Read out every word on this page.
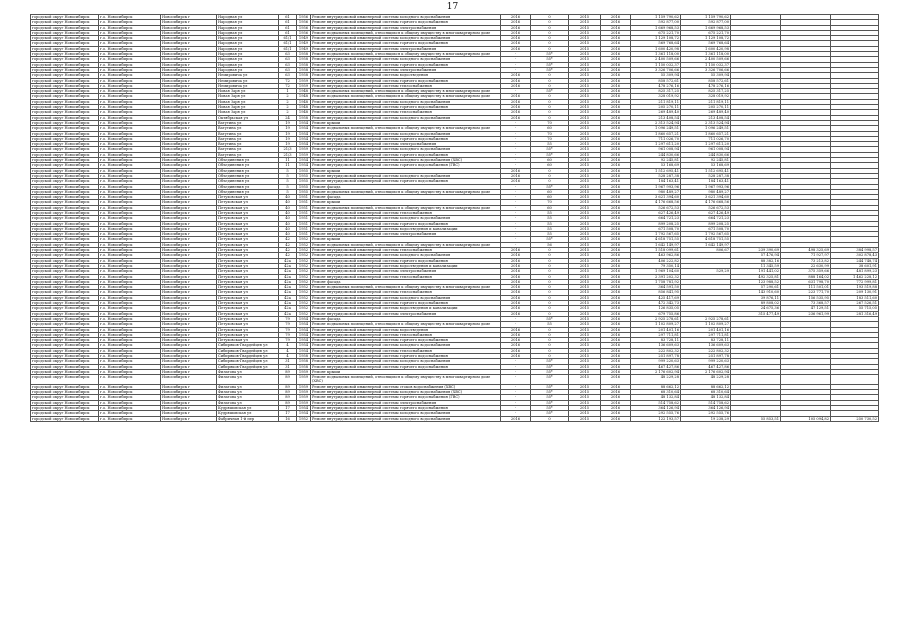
17
городской округ Новосибирск	г.о. Новосибирск	Новосибирск г	Народная ул	61	1956	Ремонт внутридомовой инженерной системы холодного водоснабжения	2016	0	2015	2016	1 159 790,62	1 159 790,62			
городской округ Новосибирск	г.о. Новосибирск	Новосибирск г	Народная ул	61	1956	Ремонт внутридомовой инженерной системы горячего водоснабжения	2016	0	2015	2016	592 877,00	592 877,00			
городской округ Новосибирск	г.о. Новосибирск	Новосибирск г	Народная ул	61	1956	Ремонт внутридомовой инженерной системы электроснабжения	2016	0	2015	2016	1 669 968,53	1 669 968,53			
городской округ Новосибирск	г.о. Новосибирск	Новосибирск г	Народная ул	61	1956	Ремонт подвальных помещений, относящихся к общему имуществу в многоквартирном доме	2016	0	2015	2016	675 221,70	675 221,70			
городской округ Новосибирск	г.о. Новосибирск	Новосибирск г	Народная ул	61/1	1949	Ремонт внутридомовой инженерной системы холодного водоснабжения	2016	0	2015	2016	1 129 108,72	1 129 108,72			
городской округ Новосибирск	г.о. Новосибирск	Новосибирск г	Народная ул	61/1	1949	Ремонт внутридомовой инженерной системы горячего водоснабжения	2016	0	2015	2016	569 768,64	569 768,64			
городской округ Новосибирск	г.о. Новосибирск	Новосибирск г	Народная ул	61/1	1949	Ремонт внутридомовой инженерной системы электроснабжения	2016	0	2015	2016	1 600 420,98	1 600 420,98			
городской округ Новосибирск	г.о. Новосибирск	Новосибирск г	Народная ул	63	1958	Ремонт подвальных помещений, относящихся к общему имуществу в многоквартирном доме	-	55*	2015	2016	1 361 118,00	1 361 118,00			
городской округ Новосибирск	г.о. Новосибирск	Новосибирск г	Народная ул	63	1958	Ремонт внутридомовой инженерной системы холодного водоснабжения	-	55*	2015	2016	2 400 509,66	2 400 509,66			
городской округ Новосибирск	г.о. Новосибирск	Новосибирск г	Народная ул	63	1958	Ремонт внутридомовой инженерной системы горячего водоснабжения	-	55*	2015	2016	1 150 032,37	1 150 032,37			
городской округ Новосибирск	г.о. Новосибирск	Новосибирск г	Народная ул	63	1958	Ремонт внутридомовой инженерной системы электроснабжения	-	55*	2015	2016	3 326 706,66	3 326 706,66			
городской округ Новосибирск	г.о. Новосибирск	Новосибирск г	Немировича ул	63	1958	Ремонт внутридомовой инженерной системы водоотведения	2016	0	2015	2016	55 309,94	55 309,94			
городской округ Новосибирск	г.о. Новосибирск	Новосибирск г	Немировича ул	72	1959	Ремонт внутридомовой инженерной системы горячего водоснабжения	2016	0	2015	2016	858 572,61	858 572,61			
городской округ Новосибирск	г.о. Новосибирск	Новосибирск г	Немировича ул	72	1959	Ремонт внутридомовой инженерной системы теплоснабжения	2016	0	2015	2016	478 276,16	478 276,16			
городской округ Новосибирск	г.о. Новосибирск	Новосибирск г	Новая Заря ул	1	1948	Ремонт подвальных помещений, относящихся к общему имуществу в многоквартирном доме	-	55*	2015	2016	825 317,25	825 317,25			
городской округ Новосибирск	г.о. Новосибирск	Новосибирск г	Новая Заря ул	2	1948	Ремонт подвальных помещений, относящихся к общему имуществу в многоквартирном доме	2016	0	2015	2016	328 019,92	328 019,92			
городской округ Новосибирск	г.о. Новосибирск	Новосибирск г	Новая Заря ул	2	1948	Ремонт внутридомовой инженерной системы холодного водоснабжения	2016	0	2015	2016	211 819,11	211 819,11			
городской округ Новосибирск	г.о. Новосибирск	Новосибирск г	Новая Заря ул	2	1948	Ремонт внутридомовой инженерной системы горячего водоснабжения	2016	0	2015	2016	205 270,11	205 270,11			
городской округ Новосибирск	г.о. Новосибирск	Новосибирск г	Новая Заря ул	2	1948	Ремонт внутридомовой инженерной системы теплоснабжения	2016	0	2015	2016	269 489,40	269 489,40			
городской округ Новосибирск	г.о. Новосибирск	Новосибирск г	Октябрьская ул	24	1958	Ремонт внутридомовой инженерной системы холодного водоснабжения	2016	0	2015	2016	213 408,54	213 408,54			
городской округ Новосибирск	г.о. Новосибирск	Новосибирск г	Ватутина ул	19	1954	Ремонт крыши	-	70	2015	2016	2 313 524,94	2 313 524,94			
городской округ Новосибирск	г.о. Новосибирск	Новосибирск г	Ватутина ул	19	1954	Ремонт подвальных помещений, относящихся к общему имуществу в многоквартирном доме	-	60	2015	2016	1 096 249,51	1 096 249,51			
городской округ Новосибирск	г.о. Новосибирск	Новосибирск г	Ватутина ул	19	1954	Ремонт внутридомовой инженерной системы холодного водоснабжения	-	70	2015	2016	1 860 657,21	1 860 657,21			
городской округ Новосибирск	г.о. Новосибирск	Новосибирск г	Ватутина ул	19	1954	Ремонт внутридомовой инженерной системы горячего водоснабжения	-	70	2015	2016	711 026,70	711 026,70			
городской округ Новосибирск	г.о. Новосибирск	Новосибирск г	Ватутина ул	19	1954	Ремонт внутридомовой инженерной системы электроснабжения	-	55	2015	2016	1 297 611,20	1 297 611,20			
городской округ Новосибирск	г.о. Новосибирск	Новосибирск г	Ватутина ул	21/3	1959	Ремонт внутридомовой инженерной системы холодного водоснабжения	-	55*	2015	2016	961 008,94	961 008,94			
городской округ Новосибирск	г.о. Новосибирск	Новосибирск г	Ватутина ул	21/3	1959	Ремонт внутридомовой инженерной системы горячего водоснабжения	-	55*	2015	2016	244 830,66	244 830,66			
городской округ Новосибирск	г.о. Новосибирск	Новосибирск г	Объединения ул	11	1954	Ремонт внутридомовой инженерной системы холодного водоснабжения (ХВС)	-	60	2015	2016	92 245,81	92 245,81			
городской округ Новосибирск	г.о. Новосибирск	Новосибирск г	Объединения ул	11	1954	Ремонт внутридомовой инженерной системы горячего водоснабжения (ГВС)	-	60	2015	2016	53 168,69	53 168,69			
городской округ Новосибирск	г.о. Новосибирск	Новосибирск г	Объединения ул	5	1955	Ремонт крыши	2016	0	2015	2016	1 512 695,41	1 512 695,41			
городской округ Новосибирск	г.о. Новосибирск	Новосибирск г	Объединения ул	5	1955	Ремонт внутридомовой инженерной системы холодного водоснабжения	2016	0	2015	2016	528 287,38	528 287,38			
городской округ Новосибирск	г.о. Новосибирск	Новосибирск г	Объединения ул	5	1955	Ремонт внутридомовой инженерной системы горячего водоснабжения	2016	0	2015	2016	184 163,41	184 163,41			
городской округ Новосибирск	г.о. Новосибирск	Новосибирск г	Объединения ул	5	1955	Ремонт фасада	-	55*	2015	2016	1 967 993,96	1 967 993,96			
городской округ Новосибирск	г.о. Новосибирск	Новосибирск г	Объединения ул	5	1955	Ремонт подвальных помещений, относящихся к общему имуществу в многоквартирном доме	-	60	2015	2016	980 489,27	980 489,27			
городской округ Новосибирск	г.о. Новосибирск	Новосибирск г	Петуховская ул	40	1951	Ремонт фасада	-	60	2015	2016	3 621 394,60	3 621 394,60			
городской округ Новосибирск	г.о. Новосибирск	Новосибирск г	Петуховская ул	40	1951	Ремонт крыши	-	70	2015	2016	4 176 668,56	4 176 668,56			
городской округ Новосибирск	г.о. Новосибирск	Новосибирск г	Петуховская ул	40	1951	Ремонт подвальных помещений, относящихся к общему имуществу в многоквартирном доме	-	60	2015	2016	526 672,53	526 672,53			
городской округ Новосибирск	г.о. Новосибирск	Новосибирск г	Петуховская ул	40	1951	Ремонт внутридомовой инженерной системы теплоснабжения	-	55	2015	2016	627 426,49	627 426,49			
городской округ Новосибирск	г.о. Новосибирск	Новосибирск г	Петуховская ул	40	1951	Ремонт внутридомовой инженерной системы холодного водоснабжения	-	55	2015	2016	664 721,23	664 721,23			
городской округ Новосибирск	г.о. Новосибирск	Новосибирск г	Петуховская ул	40	1951	Ремонт внутридомовой инженерной системы горячего водоснабжения	-	55	2015	2016	899 208,25	899 208,25			
городской округ Новосибирск	г.о. Новосибирск	Новосибирск г	Петуховская ул	40	1951	Ремонт внутридомовой инженерной системы водоотведения и канализации	-	55	2015	2016	671 508,70	671 508,70			
городской округ Новосибирск	г.о. Новосибирск	Новосибирск г	Петуховская ул	40	1951	Ремонт внутридомовой инженерной системы электроснабжения	-	55	2015	2016	1 792 567,65	1 792 567,65			
городской округ Новосибирск	г.о. Новосибирск	Новосибирск г	Петуховская ул	42	1952	Ремонт крыши	-	55*	2015	2016	4 618 751,55	4 618 751,55			
городской округ Новосибирск	г.о. Новосибирск	Новосибирск г	Петуховская ул	42	1952	Ремонт подвальных помещений, относящихся к общему имуществу в многоквартирном доме	-	56	2015	2016	1 642 149,97	1 642 149,97			
городской округ Новосибирск	г.о. Новосибирск	Новосибирск г	Петуховская ул	42	1952	Ремонт внутридомовой инженерной системы теплоснабжения	2016	0	2015	2016	1 518 099,61	806,67	239 390,69	498 325,69	384 998,57
городской округ Новосибирск	г.о. Новосибирск	Новосибирск г	Петуховская ул	42	1952	Ремонт внутридомовой инженерной системы холодного водоснабжения	2016	0	2015	2016	463 962,86		57 476,94	71 927,97	302 878,43
городской округ Новосибирск	г.о. Новосибирск	Новосибирск г	Петуховская ул	42а	1952	Ремонт внутридомовой инженерной системы горячего водоснабжения	2016	0	2015	2016	406 222,82		88 382,16	73 213,82	244 748,74
городской округ Новосибирск	г.о. Новосибирск	Новосибирск г	Петуховская ул	42а	1952	Ремонт внутридомовой инженерной системы водоотведения и канализации	2016	0	2015	2016	79 350,14		11 345,59	22 630,99	38 601,91
городской округ Новосибирск	г.о. Новосибирск	Новосибирск г	Петуховская ул	42а	1952	Ремонт внутридомовой инженерной системы электроснабжения	2016	0	2015	2016	1 969 104,60	529,29	191 441,02	375 359,66	481 899,23
городской округ Новосибирск	г.о. Новосибирск	Новосибирск г	Петуховская ул	42а	1952	Ремонт внутридомовой инженерной системы теплоснабжения	2016	0	2015	2016	2 391 202,32		492 325,81	888 164,02	1 462 228,12
городской округ Новосибирск	г.о. Новосибирск	Новосибирск г	Петуховская ул	42а	1952	Ремонт фасада	2016	0	2015	2016	1 758 781,92		123 988,52	631 798,70	772 999,81
городской округ Новосибирск	г.о. Новосибирск	Новосибирск г	Петуховская ул	42а	1952	Ремонт подвальных помещений, относящихся к общему имуществу в многоквартирном доме	2016	0	2015	2016	364 591,50		57 290,61	111 501,01	193 519,88
городской округ Новосибирск	г.о. Новосибирск	Новосибирск г	Петуховская ул	42а	1952	Ремонт внутридомовой инженерной системы теплоснабжения	2016	0	2015	2016	856 841,95		143 910,60	223 771,70	209 130,91
городской округ Новосибирск	г.о. Новосибирск	Новосибирск г	Петуховская ул	42а	1952	Ремонт внутридомовой инженерной системы холодного водоснабжения	2016	0	2015	2016	425 417,69		39 876,11	156 535,95	183 511,60
городской округ Новосибирск	г.о. Новосибирск	Новосибирск г	Петуховская ул	42а	1952	Ремонт внутридомовой инженерной системы горячего водоснабжения	2016	0	2015	2016	472 342,73		89 808,02	73 368,57	267 526,51
городской округ Новосибирск	г.о. Новосибирск	Новосибирск г	Петуховская ул	42а	1952	Ремонт внутридомовой инженерной системы водоотведения и канализации	2016	0	2015	2016	126 835,05		24 675,36	47 129,51	55 715,05
городской округ Новосибирск	г.о. Новосибирск	Новосибирск г	Петуховская ул	42а	1952	Ремонт внутридомовой инженерной системы электроснабжения	2016	0	2015	2016	679 755,86		315 477,49	236 961,99	281 316,49
городской округ Новосибирск	г.о. Новосибирск	Новосибирск г	Петуховская ул	79	1954	Ремонт фасада	-	55*	2015	2016	2 925 278,61	2 925 278,61			
городской округ Новосибирск	г.о. Новосибирск	Новосибирск г	Петуховская ул	79	1954	Ремонт подвальных помещений, относящихся к общему имуществу в многоквартирном доме	-	55	2015	2016	1 102 809,27	1 102 809,27			
городской округ Новосибирск	г.о. Новосибирск	Новосибирск г	Петуховская ул	79	1954	Ремонт внутридомовой инженерной системы водоотведения	2016	0	2015	2016	201 401,16	201 401,16			
городской округ Новосибирск	г.о. Новосибирск	Новосибирск г	Петуховская ул	79	1954	Ремонт внутридомовой инженерной системы теплоснабжения	2016	0	2015	2016	297 711,81	297 711,81			
городской округ Новосибирск	г.о. Новосибирск	Новосибирск г	Петуховская ул	79	1954	Ремонт внутридомовой инженерной системы горячего водоснабжения	2016	0	2015	2016	83 728,11	83 728,11			
городской округ Новосибирск	г.о. Новосибирск	Новосибирск г	Сибиряков-Гвардейцев ул	4	1954	Ремонт внутридомовой инженерной системы холодного водоснабжения	2016	0	2015	2016	136 609,63	136 609,63			
городской округ Новосибирск	г.о. Новосибирск	Новосибирск г	Сибиряков-Гвардейцев ул	4	1954	Ремонт внутридомовой инженерной системы теплоснабжения	2016	0	2015	2016	222 802,32	222 802,32			
городской округ Новосибирск	г.о. Новосибирск	Новосибирск г	Сибиряков-Гвардейцев ул	4	1958	Ремонт внутридомовой инженерной системы горячего водоснабжения	2016	0	2015	2016	251 897,78	251 897,78			
городской округ Новосибирск	г.о. Новосибирск	Новосибирск г	Сибиряков-Гвардейцев ул	31	1958	Ремонт внутридомовой инженерной системы холодного водоснабжения	-	55*	2015	2016	999 220,63	999 220,63			
городской округ Новосибирск	г.о. Новосибирск	Новосибирск г	Сибиряков-Гвардейцев ул	31	1958	Ремонт внутридомовой инженерной системы горячего водоснабжения	-	55*	2015	2016	467 427,86	467 427,86			
городской округ Новосибирск	г.о. Новосибирск	Новосибирск г	Филатова ул	89	1959	Ремонт крыши	-	55*	2015	2016	2 176 602,94	2 176 602,94			
городской округ Новосибирск	г.о. Новосибирск	Новосибирск г	Филатова ул	89	1959	Ремонт подвальных помещений, относящихся к общему имуществу в многоквартирном доме (ХВС)	-	55*	2015	2016	48 229,28	48 229,28			
городской округ Новосибирск	г.о. Новосибирск	Новосибирск г	Филатова ул	89	1959	Ремонт внутридомовой инженерной системы стоков водоснабжения (ХВС)	-	55*	2015	2016	88 662,12	88 662,12			
городской округ Новосибирск	г.о. Новосибирск	Новосибирск г	Филатова ул	89	1959	Ремонт внутридомовой инженерной системы холодного водоснабжения (ХВС)	-	55*	2015	2016	68 310,64	68 310,64			
городской округ Новосибирск	г.о. Новосибирск	Новосибирск г	Филатова ул	89	1959	Ремонт внутридомовой инженерной системы горячего водоснабжения (ГВС)	-	55*	2015	2016	48 132,84	48 132,84			
городской округ Новосибирск	г.о. Новосибирск	Новосибирск г	Филатова ул	89	1959	Ремонт внутридомовой инженерной системы электроснабжения	-	55*	2015	2016	514 758,62	514 758,62			
городской округ Новосибирск	г.о. Новосибирск	Новосибирск г	Кудряшовская ул	17	1954	Ремонт внутридомовой инженерной системы горячего водоснабжения	-	55*	2015	2016	364 126,94	364 126,94			
городской округ Новосибирск	г.о. Новосибирск	Новосибирск г	Кудряшовская ул	17	1954	Ремонт внутридомовой инженерной системы холодного водоснабжения	-	55*	2015	2016	292 555,76	292 555,76			
городской округ Новосибирск	г.о. Новосибирск	Новосибирск г	Фабричная 1-й пер	16	1952	Ремонт внутридомовой инженерной системы холодного водоснабжения	2016	0	2015	2016	122 193,57	19 238,29	55 853,51	105 094,82	250 730,52
